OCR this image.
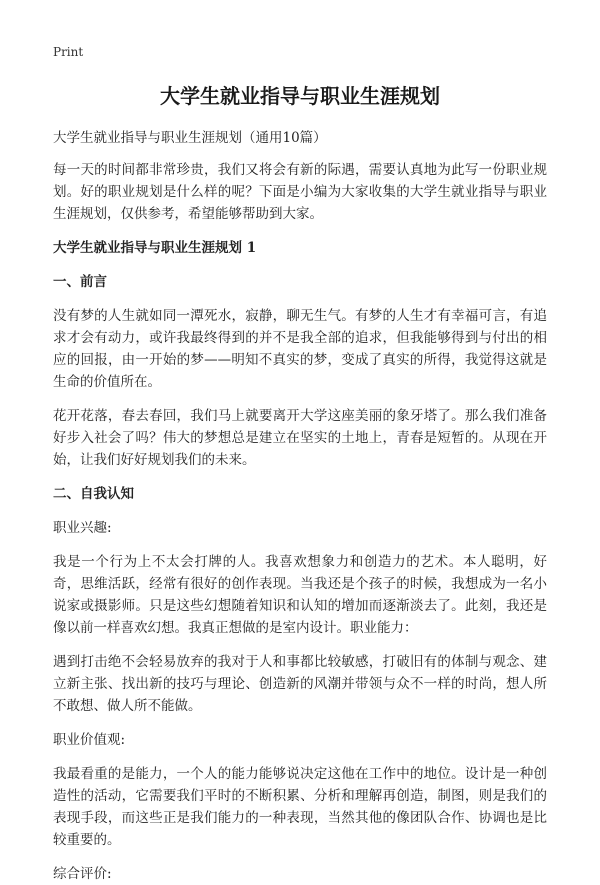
Print
大学生就业指导与职业生涯规划

大学生就业指导与职业生涯规划（通用10篇）

每一天的时间都非常珍贵，我们又将会有新的际遇，需要认真地为此写一份职业规划。好的职业规划是什么样的呢？下面是小编为大家收集的大学生就业指导与职业生涯规划，仅供参考，希望能够帮助到大家。

大学生就业指导与职业生涯规划 1
一、前言

没有梦的人生就如同一潭死水，寂静，聊无生气。有梦的人生才有幸福可言，有追求才会有动力，或许我最终得到的并不是我全部的追求，但我能够得到与付出的相应的回报，由一开始的梦——明知不真实的梦，变成了真实的所得，我觉得这就是生命的价值所在。

花开花落，春去春回，我们马上就要离开大学这座美丽的象牙塔了。那么我们准备好步入社会了吗？伟大的梦想总是建立在坚实的土地上，青春是短暂的。从现在开始，让我们好好规划我们的未来。

二、自我认知

职业兴趣:

我是一个行为上不太会打牌的人。我喜欢想象力和创造力的艺术。本人聪明，好奇，思维活跃，经常有很好的创作表现。当我还是个孩子的时候，我想成为一名小说家或摄影师。只是这些幻想随着知识和认知的增加而逐渐淡去了。此刻，我还是像以前一样喜欢幻想。我真正想做的是室内设计。职业能力：

遇到打击绝不会轻易放弃的我对于人和事都比较敏感，打破旧有的体制与观念、建立新主张、找出新的技巧与理论、创造新的风潮并带领与众不一样的时尚，想人所不敢想、做人所不能做。

职业价值观:

我最看重的是能力，一个人的能力能够说决定这他在工作中的地位。设计是一种创造性的活动，它需要我们平时的不断积累、分析和理解再创造，制图，则是我们的表现手段，而这些正是我们能力的一种表现，当然其他的像团队合作、协调也是比较重要的。

综合评价:
